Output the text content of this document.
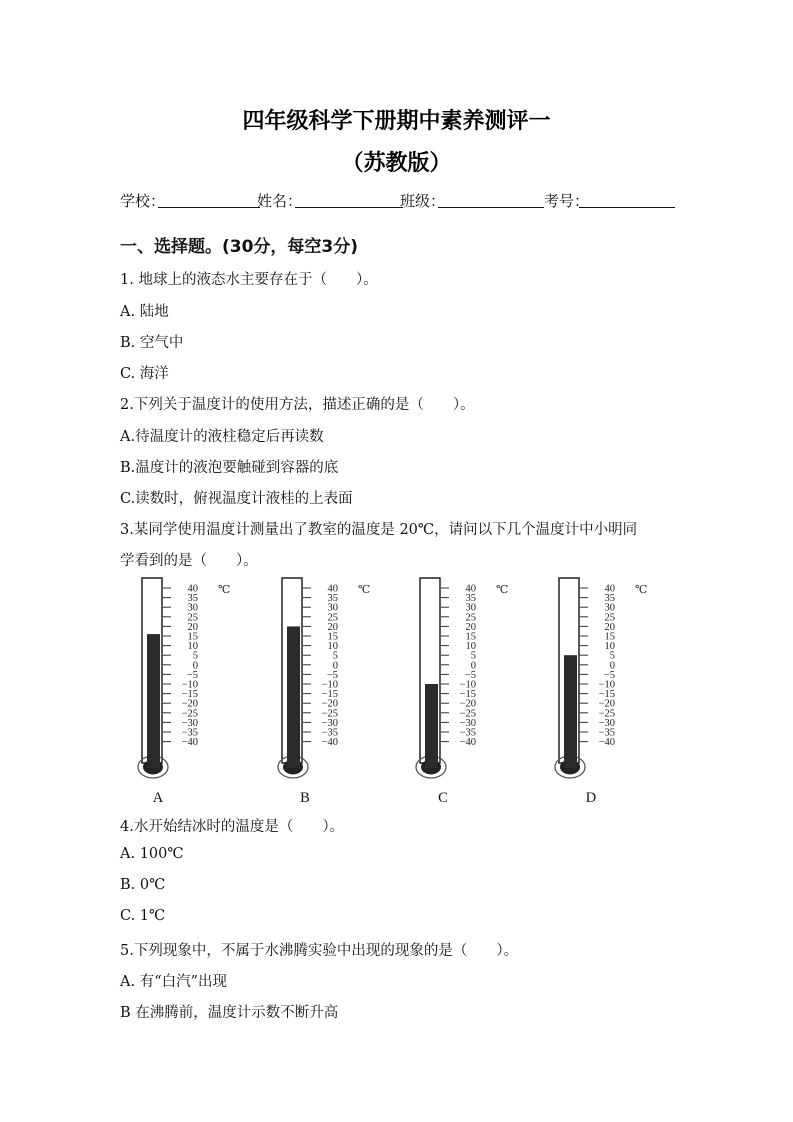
四年级科学下册期中素养测评一
（苏教版）
学校：	姓名：	班级：	考号：
一、选择题。(30分，每空3分)
1. 地球上的液态水主要存在于（　　）。
A. 陆地
B. 空气中
C. 海洋
2.下列关于温度计的使用方法，描述正确的是（　　）。
A.待温度计的液柱稳定后再读数
B.温度计的液泡要触碰到容器的底
C.读数时，俯视温度计液桂的上表面
3.某同学使用温度计测量出了教室的温度是 20℃，请问以下几个温度计中小明同
学看到的是（　　）。
40
35
30
25
20
15
10
5
0
−5
−10
−15
−20
−25
−30
−35
−40
℃
A
40
35
30
25
20
15
10
5
0
−5
−10
−15
−20
−25
−30
−35
−40
℃
B
40
35
30
25
20
15
10
5
0
−5
−10
−15
−20
−25
−30
−35
−40
℃
C
40
35
30
25
20
15
10
5
0
−5
−10
−15
−20
−25
−30
−35
−40
℃
D
4.水开始结冰时的温度是（　　）。
A. 100℃
B. 0℃
C. 1℃
5.下列现象中，不属于水沸腾实验中出现的现象的是（　　）。
A. 有“白汽”出现
B 在沸腾前，温度计示数不断升高
